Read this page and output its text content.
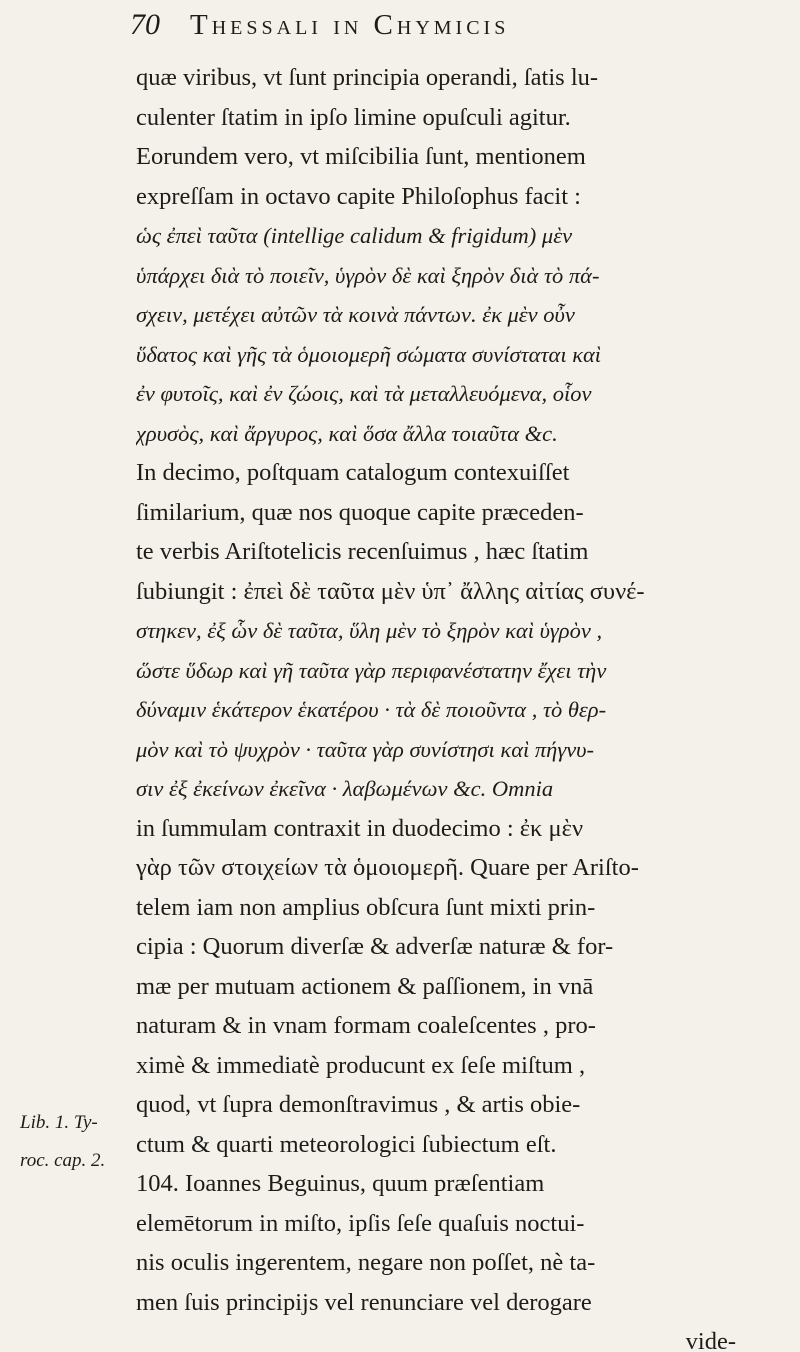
70	Thessali in Chymicis
quæ viribus, vt ſunt principia operandi, ſatis lu-
culenter ſtatim in ipſo limine opuſculi agitur.
Eorundem vero, vt miſcibilia ſunt, mentionem
expreſſam in octavo capite Philoſophus facit :
ὡς ἐπεὶ ταῦτα (intellige calidum & frigidum) μὲν
ὑπάρχει διὰ τὸ ποιεῖν, ὑγρὸν δὲ καὶ ξηρὸν διὰ τὸ πά-
σχειν, μετέχει αὐτῶν τὰ κοινὰ πάντων. ἐκ μὲν οὖν
ὕδατος καὶ γῆς τὰ ὁμοιομερῆ σώματα συνίσταται καὶ
ἐν φυτοῖς, καὶ ἐν ζώοις, καὶ τὰ μεταλλευόμενα, οἷον
χρυσὸς, καὶ ἄργυρος, καὶ ὅσα ἄλλα τοιαῦτα &c.
In decimo, poſtquam catalogum contexuiſſet
ſimilarium, quæ nos quoque capite præceden-
te verbis Ariſtotelicis recenſuimus , hæc ſtatim
ſubiungit : ἐπεὶ δὲ ταῦτα μὲν ὑπ᾽ ἄλλης αἰτίας συνέ-
στηκεν, ἐξ ὧν δὲ ταῦτα, ὕλη μὲν τὸ ξηρὸν καὶ ὑγρὸν ,
ὥστε ὕδωρ καὶ γῆ ταῦτα γὰρ περιφανέστατην ἔχει τὴν
δύναμιν ἑκάτερον ἑκατέρου · τὰ δὲ ποιοῦντα , τὸ θερ-
μὸν καὶ τὸ ψυχρὸν · ταῦτα γὰρ συνίστησι καὶ πήγνυ-
σιν ἐξ ἐκείνων ἐκεῖνα · λαβωμένων &c. Omnia
in ſummulam contraxit in duodecimo : ἐκ μὲν
γὰρ τῶν στοιχείων τὰ ὁμοιομερῆ. Quare per Ariſto-
telem iam non amplius obſcura ſunt mixti prin-
cipia : Quorum diverſæ & adverſæ naturæ & for-
mæ per mutuam actionem & paſſionem, in vnā
naturam & in vnam formam coaleſcentes , pro-
ximè & immediatè producunt ex ſeſe miſtum ,
quod, vt ſupra demonſtravimus , & artis obie-
ctum & quarti meteorologici ſubiectum eſt.
104. Ioannes Beguinus, quum præſentiam
elemētorum in miſto, ipſis ſeſe quaſuis noctui-
nis oculis ingerentem, negare non poſſet, nè ta-
men ſuis principijs vel renunciare vel derogare
vide-
Lib. 1. Ty-
roc. cap. 2.
